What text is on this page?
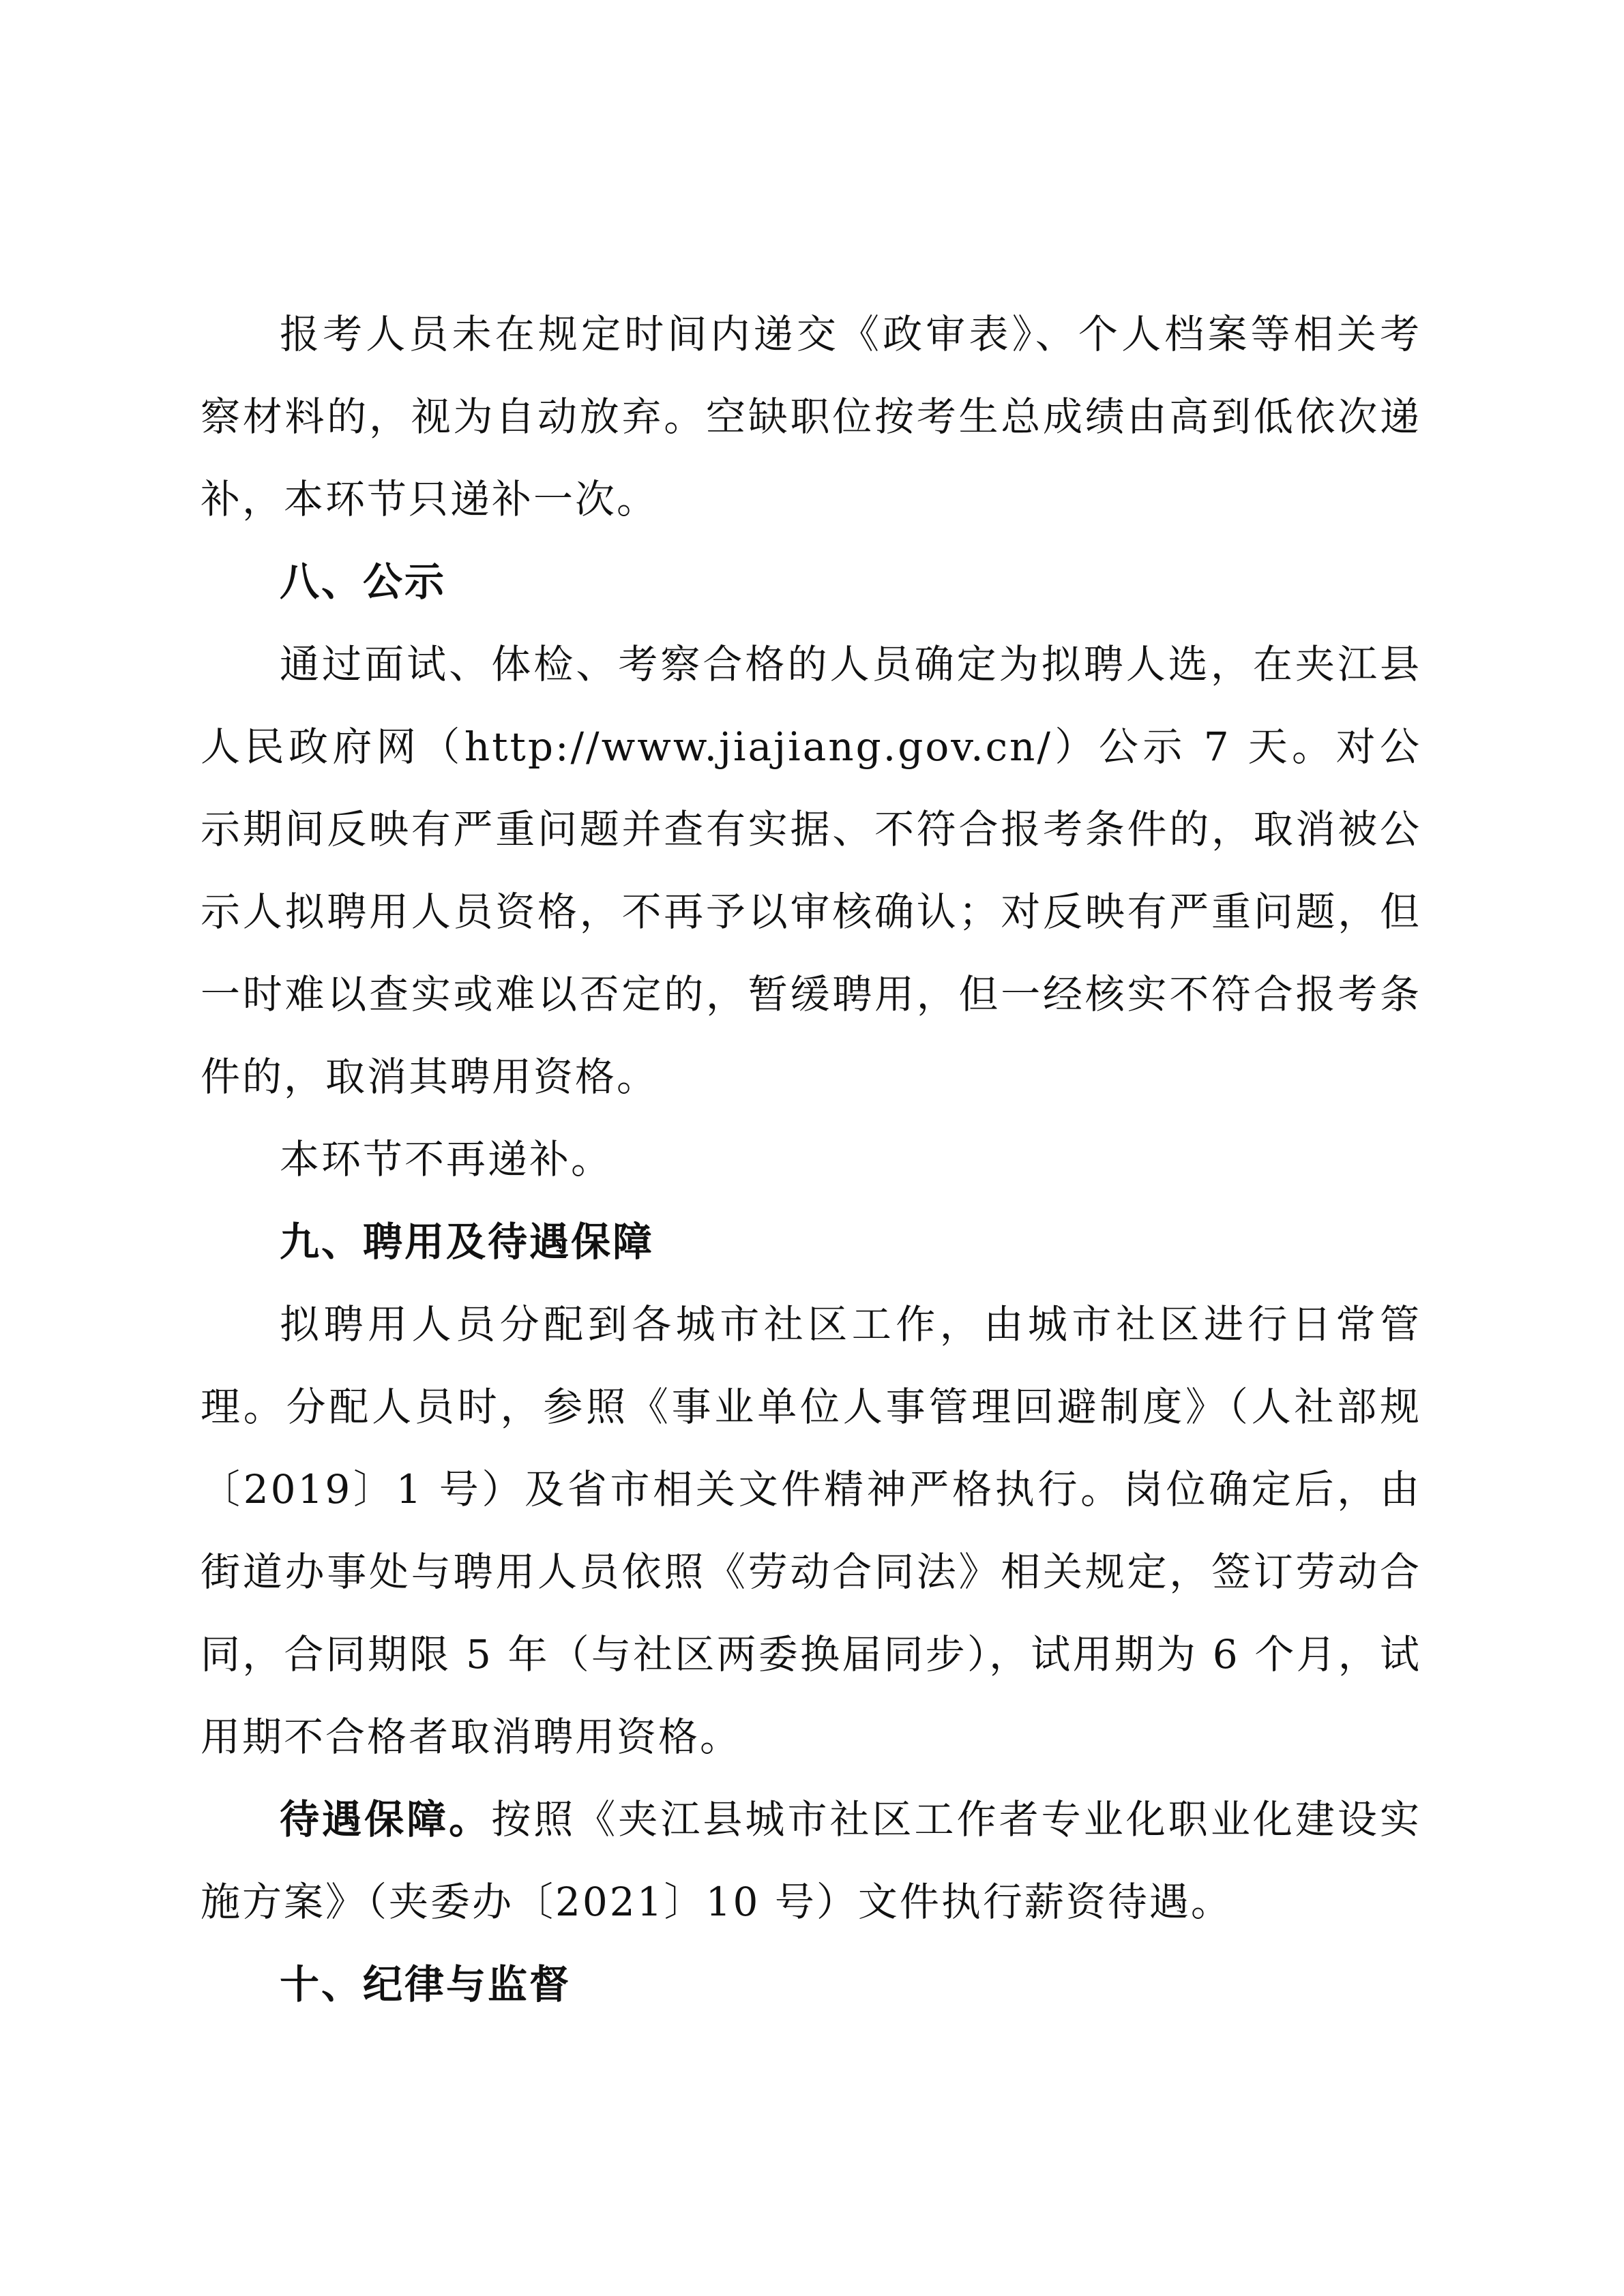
报考人员未在规定时间内递交《政审表》、个人档案等相关考察材料的，视为自动放弃。空缺职位按考生总成绩由高到低依次递补，本环节只递补一次。

八、公示

通过面试、体检、考察合格的人员确定为拟聘人选，在夹江县人民政府网（http://www.jiajiang.gov.cn/）公示 7 天。对公示期间反映有严重问题并查有实据、不符合报考条件的，取消被公示人拟聘用人员资格，不再予以审核确认；对反映有严重问题，但一时难以查实或难以否定的，暂缓聘用，但一经核实不符合报考条件的，取消其聘用资格。

本环节不再递补。

九、聘用及待遇保障

拟聘用人员分配到各城市社区工作，由城市社区进行日常管理。分配人员时，参照《事业单位人事管理回避制度》（人社部规〔2019〕1 号）及省市相关文件精神严格执行。岗位确定后，由街道办事处与聘用人员依照《劳动合同法》相关规定，签订劳动合同，合同期限 5 年（与社区两委换届同步），试用期为 6 个月，试用期不合格者取消聘用资格。

待遇保障。按照《夹江县城市社区工作者专业化职业化建设实施方案》（夹委办〔2021〕10 号）文件执行薪资待遇。

十、纪律与监督
